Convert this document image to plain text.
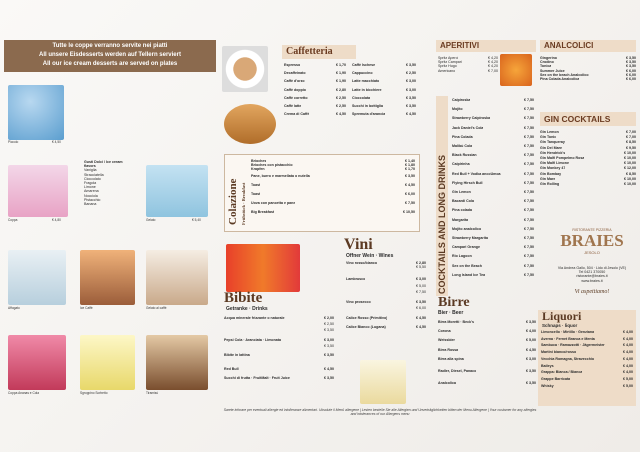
Tutte le coppe verranno servite nei piatti
All unsere Eisdesserts werden auf Tellern serviert
All our ice cream desserts are served on plates
Piccolo	€ 4,50
Gusti Dolci / Ice cream flavors
Vaniglia
Stracciatella
Cioccolato
Fragola
Limone
Amarena
Nocciola
Pistacchio
Banana
Coppa	€ 4,80	Gelato	€ 5,40
Affogato	Ice Caffè	Gelato al caffè
Coppa Ananas e Cola	Sgroppino Sorbetto	Tiramisù
Caffetteria
Espresso	€ 1,70
Decaffeinato	€ 1,90
Caffè d'orzo	€ 1,90
Caffè doppio	€ 2,80
Caffè corretto	€ 2,50
Caffè latte	€ 2,50
Crema di Caffè	€ 4,50
Caffè Ischese	€ 3,50
Cappuccino	€ 2,50
Latte macchiato	€ 3,00
Latte in bicchiere	€ 3,00
Cioccolata	€ 3,50
Succhi in bottiglia	€ 3,50
Spremuta d'arancia	€ 4,50
Colazione Frühstück · Breakfast
Brioches	€ 1,40
Brioches con pistacchio	€ 1,80
Krapfen	€ 1,70
Pane, burro e marmellata o nutella	€ 3,50
Toast	€ 4,50
Toast	€ 6,00
Uova con pancetta e pane	€ 7,50
Big Breakfast	€ 10,50
Vini
Offner Wein · Wines
Vino rosso/bianco	€ 2,80
€ 5,50
Lambrusco	€ 3,00
€ 5,00
€ 7,50
Vino prosecco	€ 3,50
€ 6,00
Calice Rosso (Primitivo)	€ 4,50
Calice Bianco (Lugana)	€ 4,50
Bibite
Getranke · Drinks
Acqua minerale frizzante o naturale	€ 2,00
€ 2,50
€ 3,50
Pepsi Cola · Aranciata · Limonata	€ 3,00
€ 3,50
Bibite in lattina	€ 3,50
Red Bull	€ 4,50
Succhi di frutta · FruitMalt · Fruit Juice	€ 3,50
APERITIVI
Spritz Aperol	€ 4,20
Spritz Campari	€ 4,20
Spritz Hugo	€ 4,20
Americano	€ 7,00
COCKTAILS AND LONG DRINKS
Caipiroska	€ 7,50
Mojito	€ 7,50
Strawberry Caipiroska	€ 7,50
Jack Daniel's Cola	€ 7,50
Pina Colada	€ 7,50
Malibù Cola	€ 7,50
Black Russian	€ 7,50
Caipirinha	€ 7,50
Red Bull + Vodka ancoUmoa	€ 7,50
Flying Hirsch Bull	€ 7,50
Gin Lemon	€ 7,50
Bacardi Cola	€ 7,50
Pina colada	€ 7,50
Margarita	€ 7,50
Mojito analcolico	€ 7,50
Strawberry Margarita	€ 7,50
Campari Orange	€ 7,50
Rio Lagoon	€ 7,50
Sex on the Beach	€ 7,50
Long Island Ice Tea	€ 7,50
Birre
Bier · Beer
Birra Moretti · Beck's	€ 3,50
Corona	€ 4,00
Weissbier	€ 5,00
Birra Rossa	€ 4,50
Birra alla spina	€ 3,00
Radler, Diesel, Panaco	€ 3,50
Analcolica	€ 3,50
ANALCOLICI
Gingerino	€ 3,50
Crodino	€ 3,50
Tonica	€ 3,50
Summer Juice	€ 6,00
Sex on the beach Analcolico	€ 6,00
Pina Colada Analcolica	€ 6,00
GIN COCKTAILS
Gin Lemon	€ 7,00
Gin Tonic	€ 7,00
Gin Tanqueray	€ 8,50
Gin Del Mare	€ 9,50
Gin Hendrick's	€ 10,00
Gin Malfi Pompelmo Rosa	€ 10,00
Gin Malfi Limone	€ 10,00
Gin Monkey 47	€ 12,00
Gin Bombay	€ 8,50
Gin Mare	€ 10,00
Gin Rolling	€ 10,00
RISTORANTE PIZZERIA
BRAIES
JESOLO
Via Andrea Gallo, 504 · Lido di Jesolo (VE)
Tel 0421 370050
ristorante@braies.it
www.braies.it
Vi aspettiamo!
Liquori
Schnaps · liquor
Limoncello · Mirtillo · Genziana	€ 4,00
Averna · Fernet Branca e Menta	€ 4,00
Sambuca · Ramazzotti · Jägermeister	€ 4,00
Martini bianco/rosso	€ 4,00
Vecchia Romagna, Stravecchio	€ 4,00
Baileys	€ 4,00
Grappa: Bianca / Bianca	€ 4,00
Grappe Barricata	€ 5,00
Whisky	€ 5,00
Sarete inforare per eventuali allergie ed intolleranze alimentari. Ubsolute il Menü allergene | Lesten bestelle Sie alle Allergien und Unverträglichkeiten bitten der Menu Allergene | Your customer for any allergies and intolerances of our Allergens menu
